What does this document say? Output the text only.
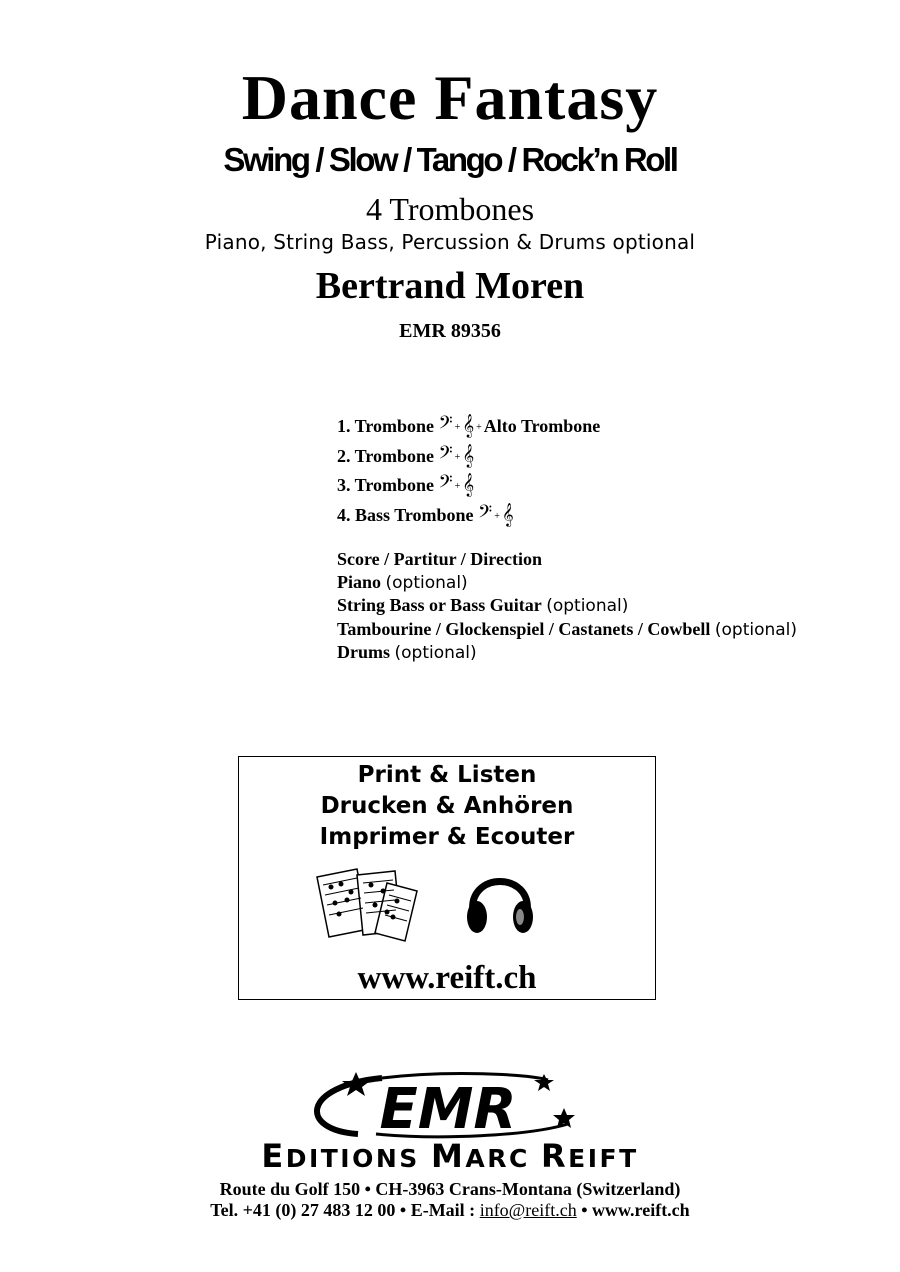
Dance Fantasy
Swing / Slow / Tango / Rock’n Roll
4 Trombones
Piano, String Bass, Percussion & Drums optional
Bertrand Moren
EMR 89356
1. Trombone 𝄢 + 𝄞 + Alto Trombone
2. Trombone 𝄢 + 𝄞
3. Trombone 𝄢 + 𝄞
4. Bass Trombone 𝄢 + 𝄞
Score / Partitur / Direction
Piano (optional)
String Bass or Bass Guitar (optional)
Tambourine / Glockenspiel / Castanets / Cowbell (optional)
Drums (optional)
Print & Listen
Drucken & Anhören
Imprimer & Ecouter
www.reift.ch
EMR
EDITIONS MARC REIFT
Route du Golf 150 • CH-3963 Crans-Montana (Switzerland)
Tel. +41 (0) 27 483 12 00 • E-Mail : info@reift.ch • www.reift.ch
